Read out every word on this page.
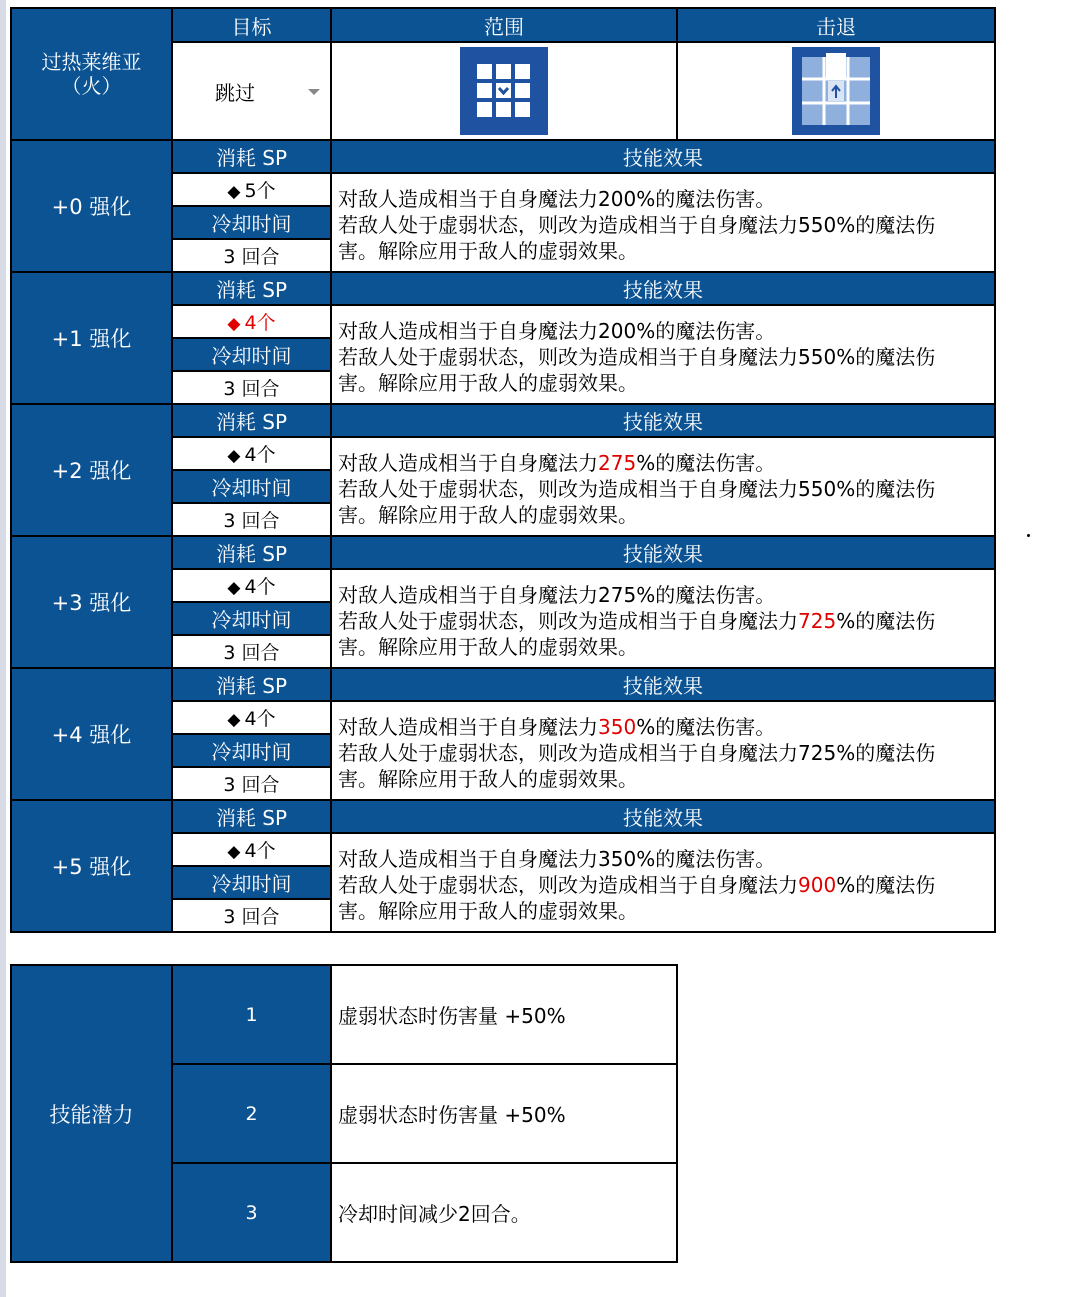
过热莱维亚
（火）	目标	范围	击退

	跳过

+0 强化	消耗 SP	技能效果	
	◆ 5个	对敌人造成相当于自身魔法力200%的魔法伤害。
若敌人处于虚弱状态，则改为造成相当于自身魔法力550%的魔法伤
害。解除应用于敌人的虚弱效果。	

	冷却时间		
	3 回合		
+1 强化	消耗 SP	技能效果	
	◆ 4个	对敌人造成相当于自身魔法力200%的魔法伤害。
若敌人处于虚弱状态，则改为造成相当于自身魔法力550%的魔法伤
害。解除应用于敌人的虚弱效果。	

	冷却时间		
	3 回合		
+2 强化	消耗 SP	技能效果	
	◆ 4个	对敌人造成相当于自身魔法力275%的魔法伤害。
若敌人处于虚弱状态，则改为造成相当于自身魔法力550%的魔法伤
害。解除应用于敌人的虚弱效果。	

	冷却时间		
	3 回合		
+3 强化	消耗 SP	技能效果	
	◆ 4个	对敌人造成相当于自身魔法力275%的魔法伤害。
若敌人处于虚弱状态，则改为造成相当于自身魔法力725%的魔法伤
害。解除应用于敌人的虚弱效果。	

	冷却时间		
	3 回合		
+4 强化	消耗 SP	技能效果	
	◆ 4个	对敌人造成相当于自身魔法力350%的魔法伤害。
若敌人处于虚弱状态，则改为造成相当于自身魔法力725%的魔法伤
害。解除应用于敌人的虚弱效果。	

	冷却时间		
	3 回合		
+5 强化	消耗 SP	技能效果	
	◆ 4个	对敌人造成相当于自身魔法力350%的魔法伤害。
若敌人处于虚弱状态，则改为造成相当于自身魔法力900%的魔法伤
害。解除应用于敌人的虚弱效果。	

	冷却时间		
	3 回合		
技能潜力	1	虚弱状态时伤害量 +50%
	2	虚弱状态时伤害量 +50%
	3	冷却时间减少2回合。
